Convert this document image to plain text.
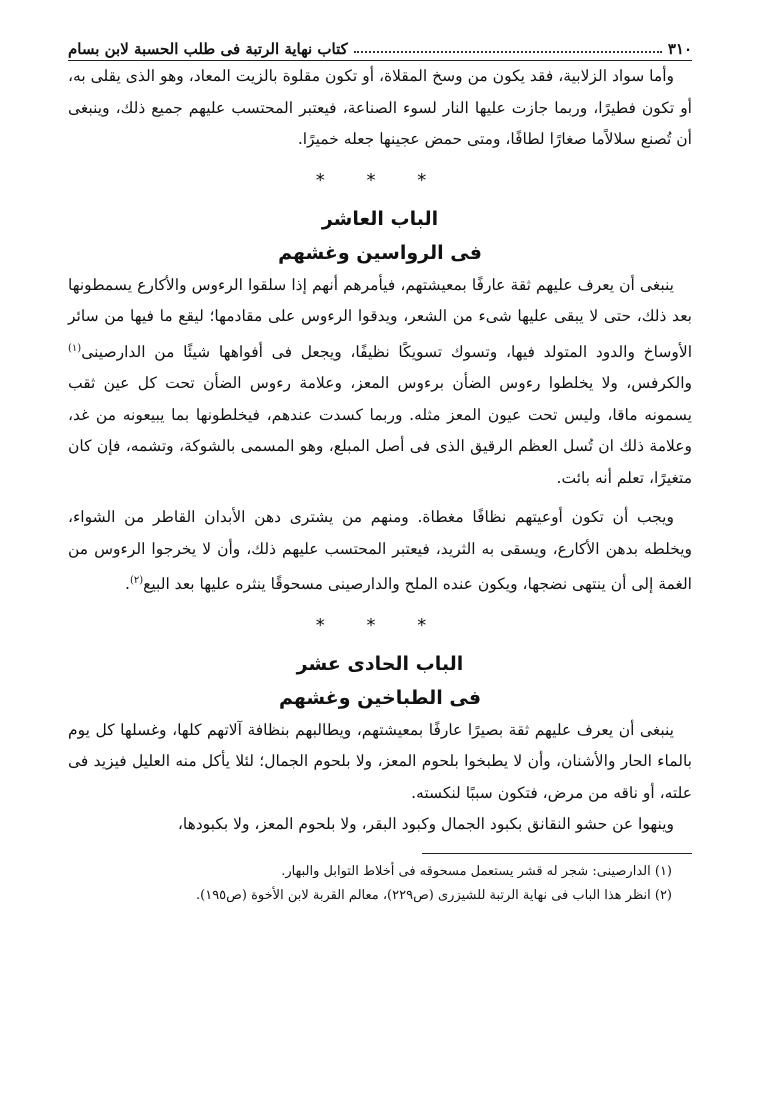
٣١٠
كتاب نهاية الرتبة فى طلب الحسبة لابن بسام

وأما سواد الزلابية، فقد يكون من وسخ المقلاة، أو تكون مقلوة بالزيت المعاد، وهو الذى يقلى به، أو تكون فطيرًا، وربما جازت عليها النار لسوء الصناعة، فيعتبر المحتسب عليهم جميع ذلك، وينبغى أن تُصنع سلالاًما صغارًا لطافًا، ومتى حمض عجينها جعله خميرًا.

* * *
الباب العاشر
فى الرواسين وغشهم

ينبغى أن يعرف عليهم ثقة عارفًا بمعيشتهم، فيأمرهم أنهم إذا سلقوا الرءوس والأكارع يسمطونها بعد ذلك، حتى لا يبقى عليها شىء من الشعر، ويدقوا الرءوس على مقادمها؛ ليقع ما فيها من سائر الأوساخ والدود المتولد فيها، وتسوك تسويكًا نظيفًا، ويجعل فى أفواهها شيئًا من الدارصينى$^{(١)}$ والكرفس، ولا يخلطوا رءوس الضأن برءوس المعز، وعلامة رءوس الضأن تحت كل عين ثقب يسمونه ماقا، وليس تحت عيون المعز مثله. وربما كسدت عندهم، فيخلطونها بما يبيعونه من غد، وعلامة ذلك ان تُسل العظم الرقيق الذى فى أصل المبلع، وهو المسمى بالشوكة، وتشمه، فإن كان متغيرًا، تعلم أنه بائت.

ويجب أن تكون أوعيتهم نظافًا مغطاة. ومنهم من يشترى دهن الأبدان القاطر من الشواء، ويخلطه بدهن الأكارع، ويسقى به الثريد، فيعتبر المحتسب عليهم ذلك، وأن لا يخرجوا الرءوس من الغمة إلى أن ينتهى نضجها، ويكون عنده الملح والدارصينى مسحوقًا ينثره عليها بعد البيع$^{(٢)}$.

* * *
الباب الحادى عشر
فى الطباخين وغشهم

ينبغى أن يعرف عليهم ثقة بصيرًا عارفًا بمعيشتهم، ويطالبهم بنظافة آلاتهم كلها، وغسلها كل يوم بالماء الحار والأشنان، وأن لا يطبخوا بلحوم المعز، ولا بلحوم الجمال؛ لئلا يأكل منه العليل فيزيد فى علته، أو ناقه من مرض، فتكون سببًا لنكسته.

وينهوا عن حشو النقانق بكبود الجمال وكبود البقر، ولا بلحوم المعز، ولا بكبودها،

(١) الدارصينى: شجر له قشر يستعمل مسحوقه فى أخلاط التوابل والبهار.
(٢) انظر هذا الباب فى نهاية الرتبة للشيزرى (ص٢٢٩)، معالم القربة لابن الأخوة (ص١٩٥).
